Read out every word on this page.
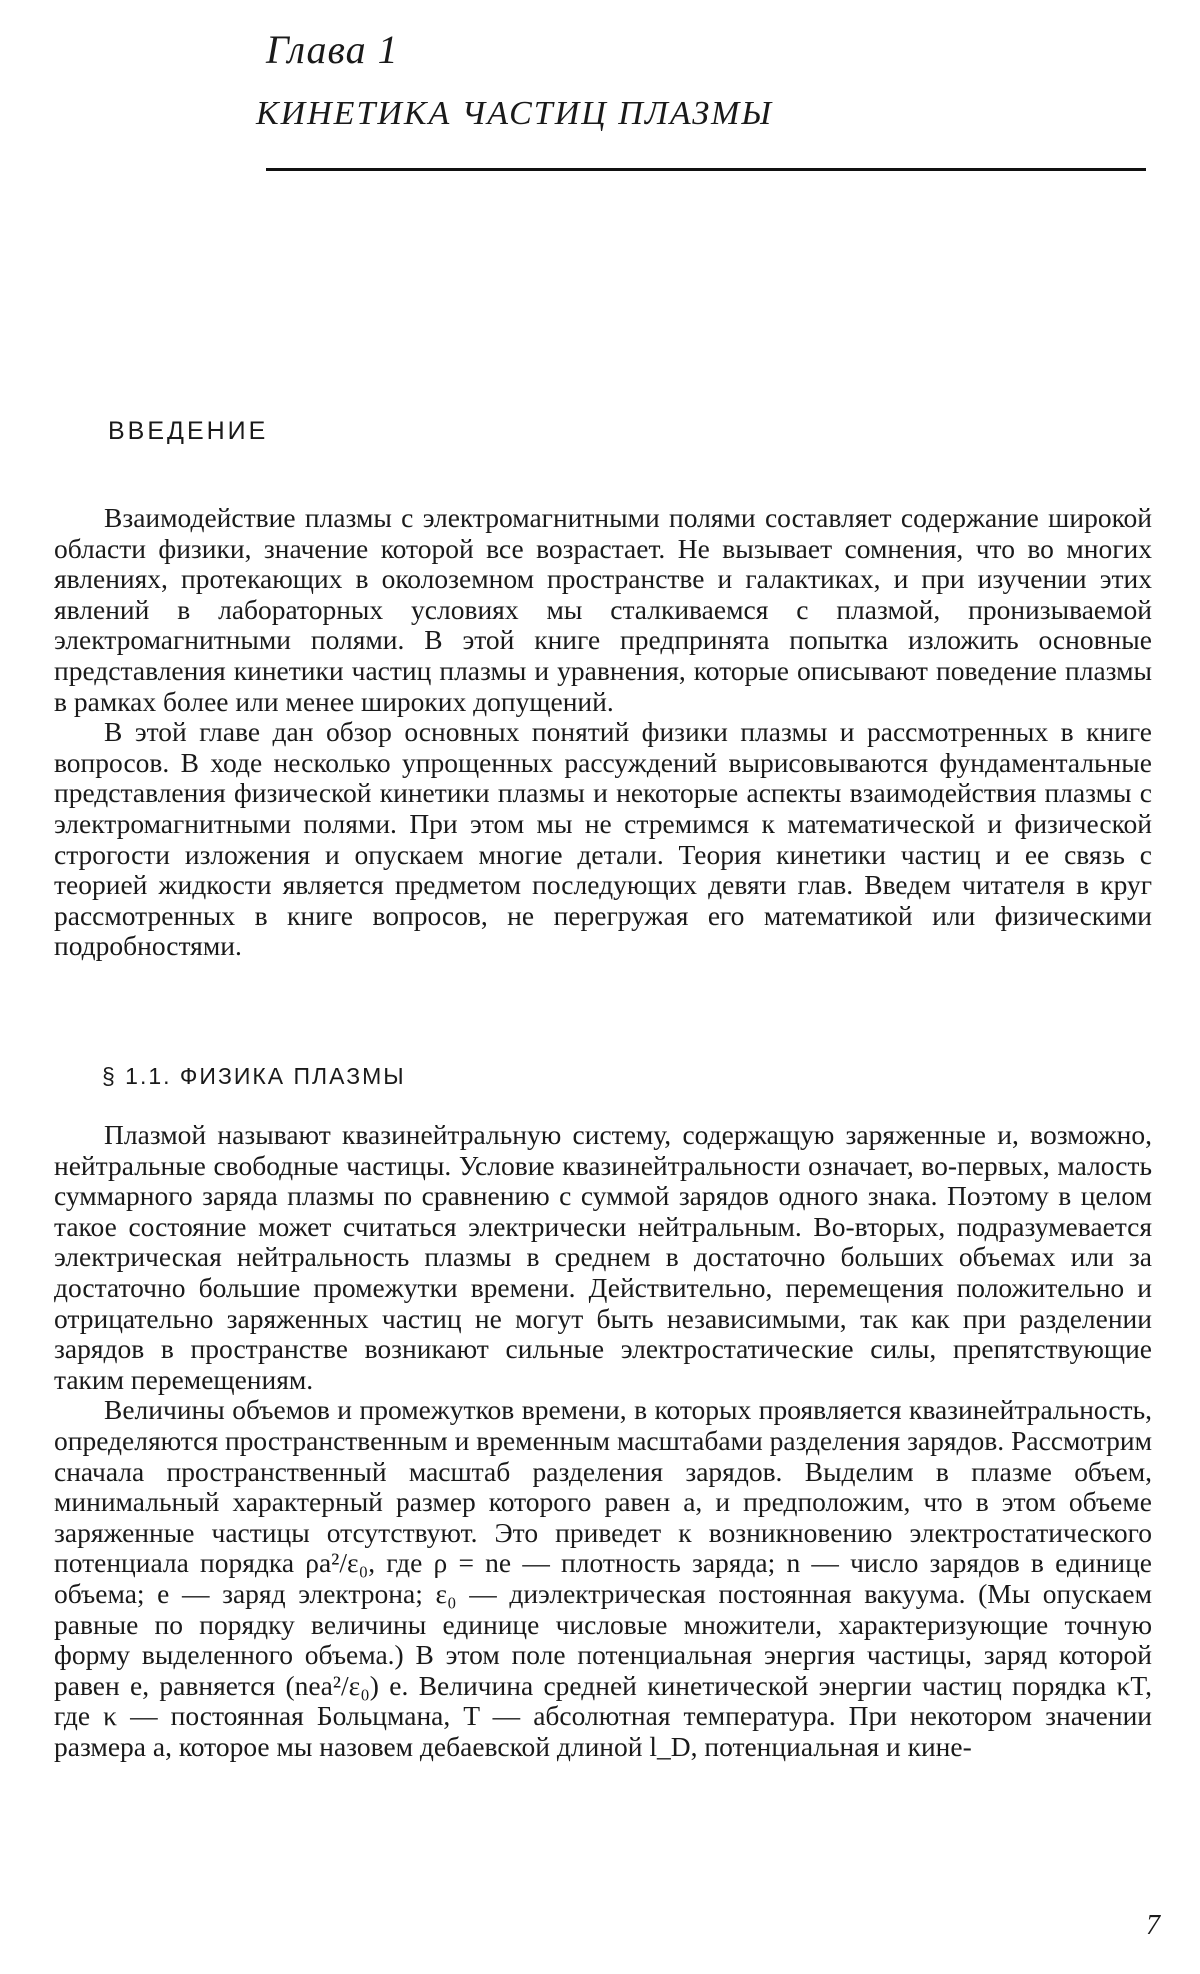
Глава 1
КИНЕТИКА ЧАСТИЦ ПЛАЗМЫ
ВВЕДЕНИЕ

Взаимодействие плазмы с электромагнитными полями составляет содержание широкой области физики, значение которой все возрастает. Не вызывает сомнения, что во многих явлениях, протекающих в околоземном пространстве и галактиках, и при изучении этих явлений в лабораторных условиях мы сталкиваемся с плазмой, пронизываемой электромагнитными полями. В этой книге предпринята попытка изложить основные представления кинетики частиц плазмы и уравнения, которые описывают поведение плазмы в рамках более или менее широких допущений.

В этой главе дан обзор основных понятий физики плазмы и рассмотренных в книге вопросов. В ходе несколько упрощенных рассуждений вырисовываются фундаментальные представления физической кинетики плазмы и некоторые аспекты взаимодействия плазмы с электромагнитными полями. При этом мы не стремимся к математической и физической строгости изложения и опускаем многие детали. Теория кинетики частиц и ее связь с теорией жидкости является предметом последующих девяти глав. Введем читателя в круг рассмотренных в книге вопросов, не перегружая его математикой или физическими подробностями.

§ 1.1. ФИЗИКА ПЛАЗМЫ

Плазмой называют квазинейтральную систему, содержащую заряженные и, возможно, нейтральные свободные частицы. Условие квазинейтральности означает, во-первых, малость суммарного заряда плазмы по сравнению с суммой зарядов одного знака. Поэтому в целом такое состояние может считаться электрически нейтральным. Во-вторых, подразумевается электрическая нейтральность плазмы в среднем в достаточно больших объемах или за достаточно большие промежутки времени. Действительно, перемещения положительно и отрицательно заряженных частиц не могут быть независимыми, так как при разделении зарядов в пространстве возникают сильные электростатические силы, препятствующие таким перемещениям.

Величины объемов и промежутков времени, в которых проявляется квазинейтральность, определяются пространственным и временным масштабами разделения зарядов. Рассмотрим сначала пространственный масштаб разделения зарядов. Выделим в плазме объем, минимальный характерный размер которого равен a, и предположим, что в этом объеме заряженные частицы отсутствуют. Это приведет к возникновению электростатического потенциала порядка ρa²/ε₀, где ρ = ne — плотность заряда; n — число зарядов в единице объема; e — заряд электрона; ε₀ — диэлектрическая постоянная вакуума. (Мы опускаем равные по порядку величины единице числовые множители, характеризующие точную форму выделенного объема.) В этом поле потенциальная энергия частицы, заряд которой равен e, равняется (nea²/ε₀) e. Величина средней кинетической энергии частиц порядка κT, где κ — постоянная Больцмана, T — абсолютная температура. При некотором значении размера a, которое мы назовем дебаевской длиной l_D, потенциальная и кине-

7
